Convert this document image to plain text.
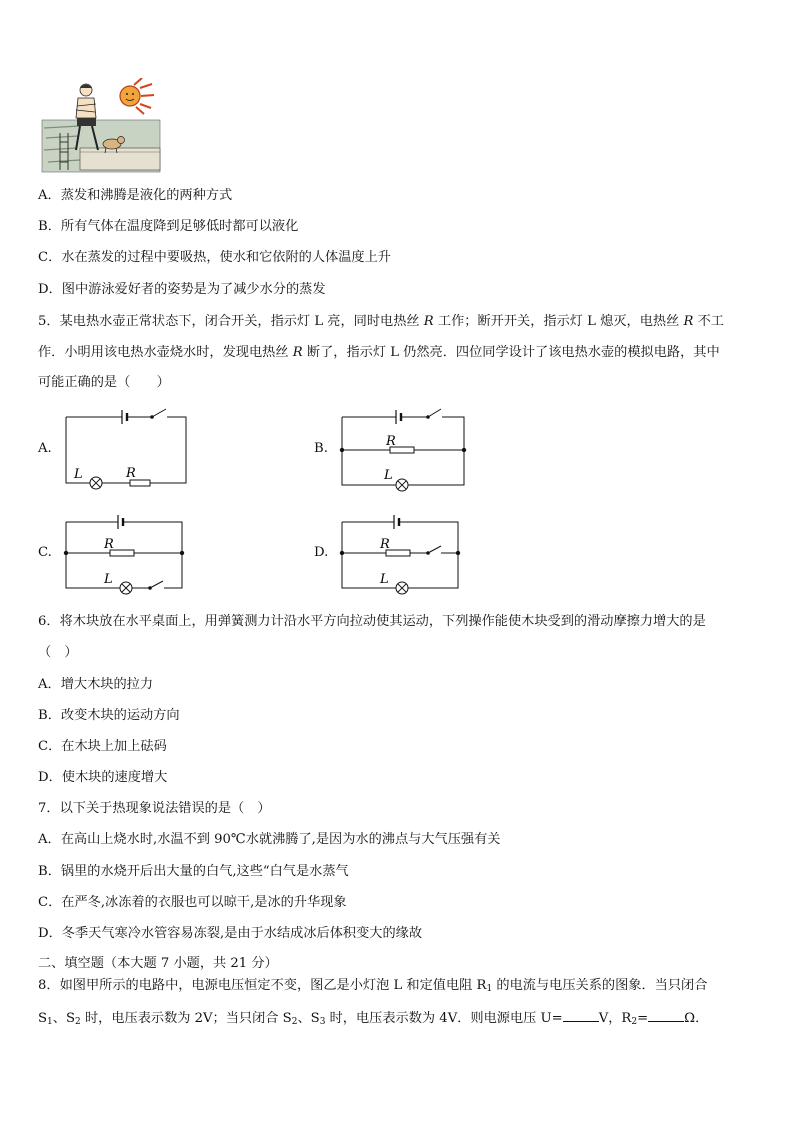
A．蒸发和沸腾是液化的两种方式
B．所有气体在温度降到足够低时都可以液化
C．水在蒸发的过程中要吸热，使水和它依附的人体温度上升
D．图中游泳爱好者的姿势是为了减少水分的蒸发
5．某电热水壶正常状态下，闭合开关，指示灯 L 亮，同时电热丝 R 工作；断开开关，指示灯 L 熄灭，电热丝 R 不工
作．小明用该电热水壶烧水时，发现电热丝 R 断了，指示灯 L 仍然亮．四位同学设计了该电热水壶的模拟电路，其中
可能正确的是（　　）
A.	B.
C.	D.
L	R
R
L
R
L
R
L
6．将木块放在水平桌面上，用弹簧测力计沿水平方向拉动使其运动，下列操作能使木块受到的滑动摩擦力增大的是
（　）
A．增大木块的拉力
B．改变木块的运动方向
C．在木块上加上砝码
D．使木块的速度增大
7．以下关于热现象说法错误的是（　）
A．在高山上烧水时,水温不到 90℃水就沸腾了,是因为水的沸点与大气压强有关
B．锅里的水烧开后出大量的白气,这些“白气是水蒸气
C．在严冬,冰冻着的衣服也可以晾干,是冰的升华现象
D．冬季天气寒冷水管容易冻裂,是由于水结成冰后体积变大的缘故
二、填空题（本大题 7 小题，共 21 分）
8．如图甲所示的电路中，电源电压恒定不变，图乙是小灯泡 L 和定值电阻 $R_1$ 的电流与电压关系的图象．当只闭合
$S_1$、$S_2$ 时，电压表示数为 2V；当只闭合 $S_2$、$S_3$ 时，电压表示数为 4V．则电源电压 U=	V，$R_2=$	Ω．
